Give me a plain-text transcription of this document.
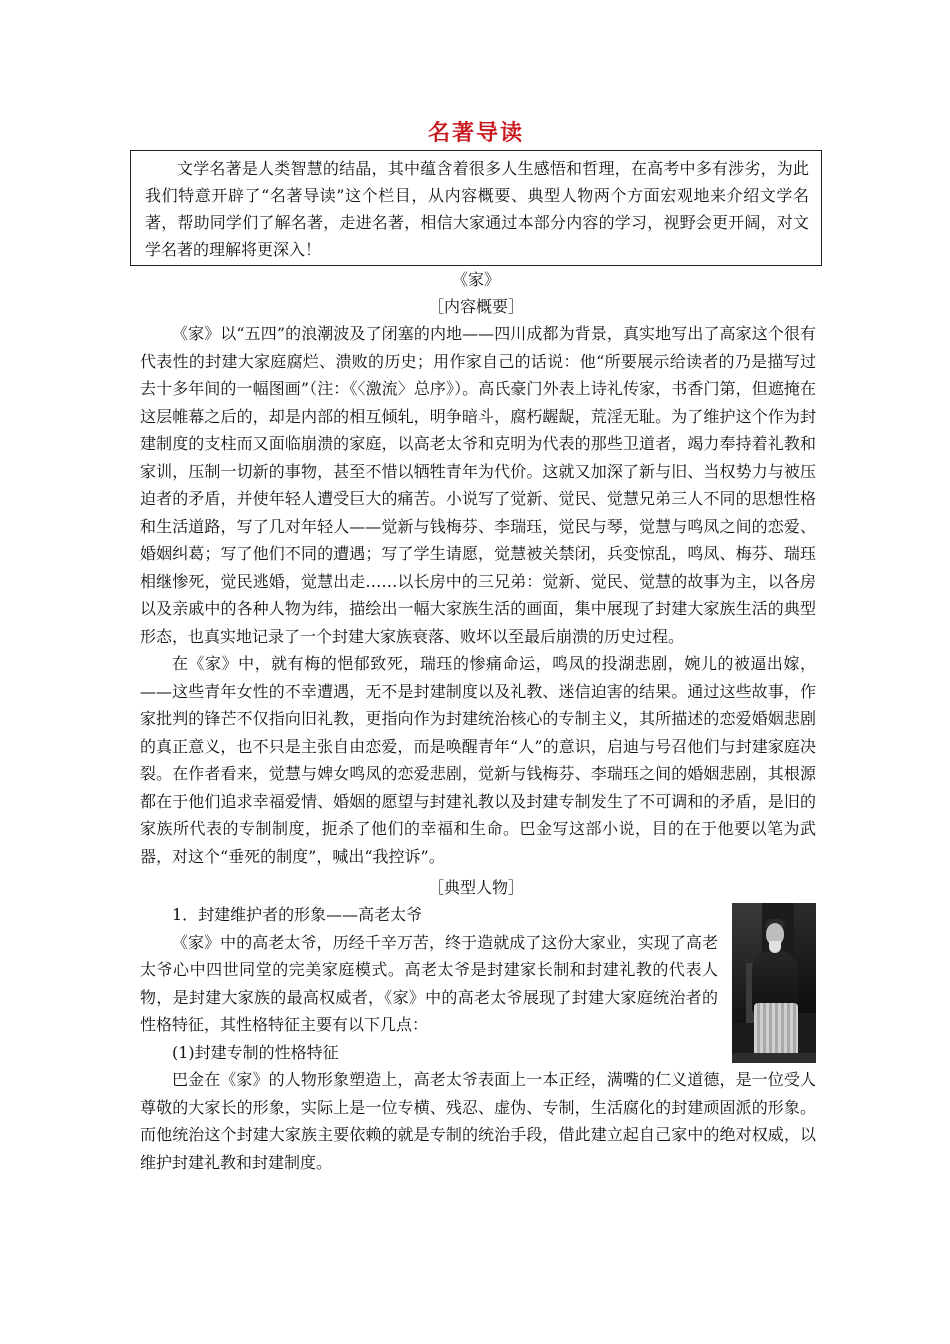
名著导读
文学名著是人类智慧的结晶，其中蕴含着很多人生感悟和哲理，在高考中多有涉劣，为此我们特意开辟了“名著导读”这个栏目，从内容概要、典型人物两个方面宏观地来介绍文学名著，帮助同学们了解名著，走进名著，相信大家通过本部分内容的学习，视野会更开阔，对文学名著的理解将更深入！

《家》

［内容概要］

《家》以“五四”的浪潮波及了闭塞的内地——四川成都为背景，真实地写出了高家这个很有代表性的封建大家庭腐烂、溃败的历史；用作家自己的话说：他“所要展示给读者的乃是描写过去十多年间的一幅图画”（注：《〈激流〉总序》）。高氏豪门外表上诗礼传家，书香门第，但遮掩在这层帷幕之后的，却是内部的相互倾轧，明争暗斗，腐朽龌龊，荒淫无耻。为了维护这个作为封建制度的支柱而又面临崩溃的家庭，以高老太爷和克明为代表的那些卫道者，竭力奉持着礼教和家训，压制一切新的事物，甚至不惜以牺牲青年为代价。这就又加深了新与旧、当权势力与被压迫者的矛盾，并使年轻人遭受巨大的痛苦。小说写了觉新、觉民、觉慧兄弟三人不同的思想性格和生活道路，写了几对年轻人——觉新与钱梅芬、李瑞珏，觉民与琴，觉慧与鸣凤之间的恋爱、婚姻纠葛；写了他们不同的遭遇；写了学生请愿，觉慧被关禁闭，兵变惊乱，鸣凤、梅芬、瑞珏相继惨死，觉民逃婚，觉慧出走……以长房中的三兄弟：觉新、觉民、觉慧的故事为主，以各房以及亲戚中的各种人物为纬，描绘出一幅大家族生活的画面，集中展现了封建大家族生活的典型形态，也真实地记录了一个封建大家族衰落、败坏以至最后崩溃的历史过程。

在《家》中，就有梅的悒郁致死，瑞珏的惨痛命运，鸣凤的投湖悲剧，婉儿的被逼出嫁，——这些青年女性的不幸遭遇，无不是封建制度以及礼教、迷信迫害的结果。通过这些故事，作家批判的锋芒不仅指向旧礼教，更指向作为封建统治核心的专制主义，其所描述的恋爱婚姻悲剧的真正意义，也不只是主张自由恋爱，而是唤醒青年“人”的意识，启迪与号召他们与封建家庭决裂。在作者看来，觉慧与婢女鸣凤的恋爱悲剧，觉新与钱梅芬、李瑞珏之间的婚姻悲剧，其根源都在于他们追求幸福爱情、婚姻的愿望与封建礼教以及封建专制发生了不可调和的矛盾，是旧的家族所代表的专制制度，扼杀了他们的幸福和生命。巴金写这部小说，目的在于他要以笔为武器，对这个“垂死的制度”，喊出“我控诉”。

［典型人物］

1．封建维护者的形象——高老太爷

《家》中的高老太爷，历经千辛万苦，终于造就成了这份大家业，实现了高老太爷心中四世同堂的完美家庭模式。高老太爷是封建家长制和封建礼教的代表人物，是封建大家族的最高权威者，《家》中的高老太爷展现了封建大家庭统治者的性格特征，其性格特征主要有以下几点：

(1)封建专制的性格特征

巴金在《家》的人物形象塑造上，高老太爷表面上一本正经，满嘴的仁义道德，是一位受人尊敬的大家长的形象，实际上是一位专横、残忍、虚伪、专制，生活腐化的封建顽固派的形象。而他统治这个封建大家族主要依赖的就是专制的统治手段，借此建立起自己家中的绝对权威，以维护封建礼教和封建制度。
